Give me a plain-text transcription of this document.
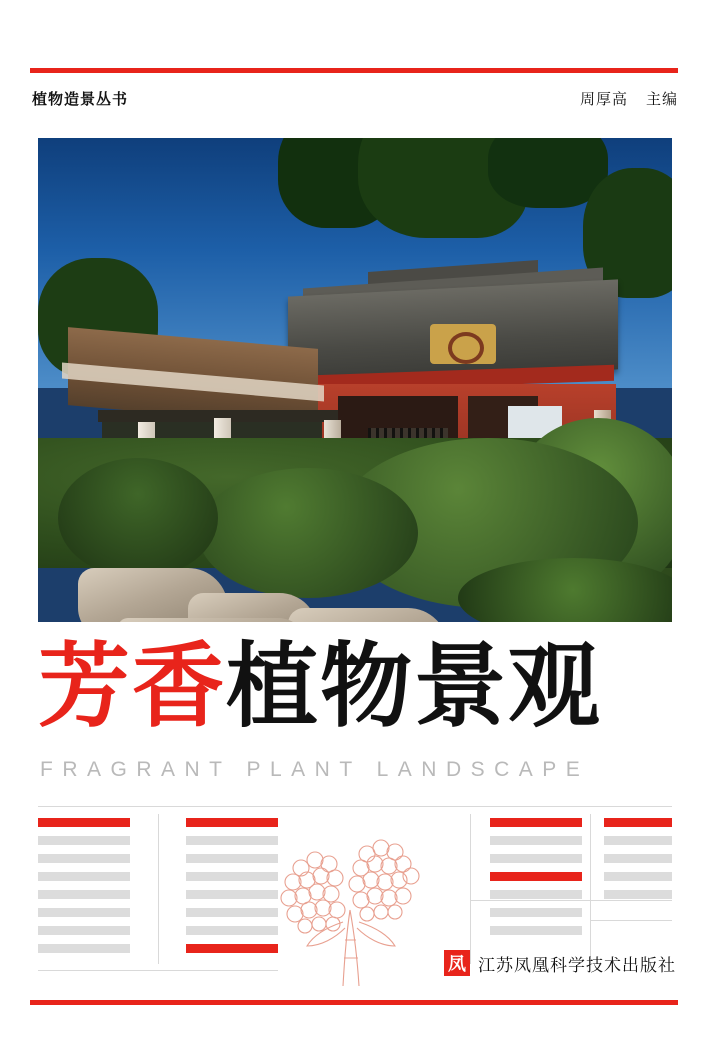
植物造景丛书	周厚高 主编
芳香 植物景观
FRAGRANT PLANT LANDSCAPE
凤 江苏凤凰科学技术出版社
